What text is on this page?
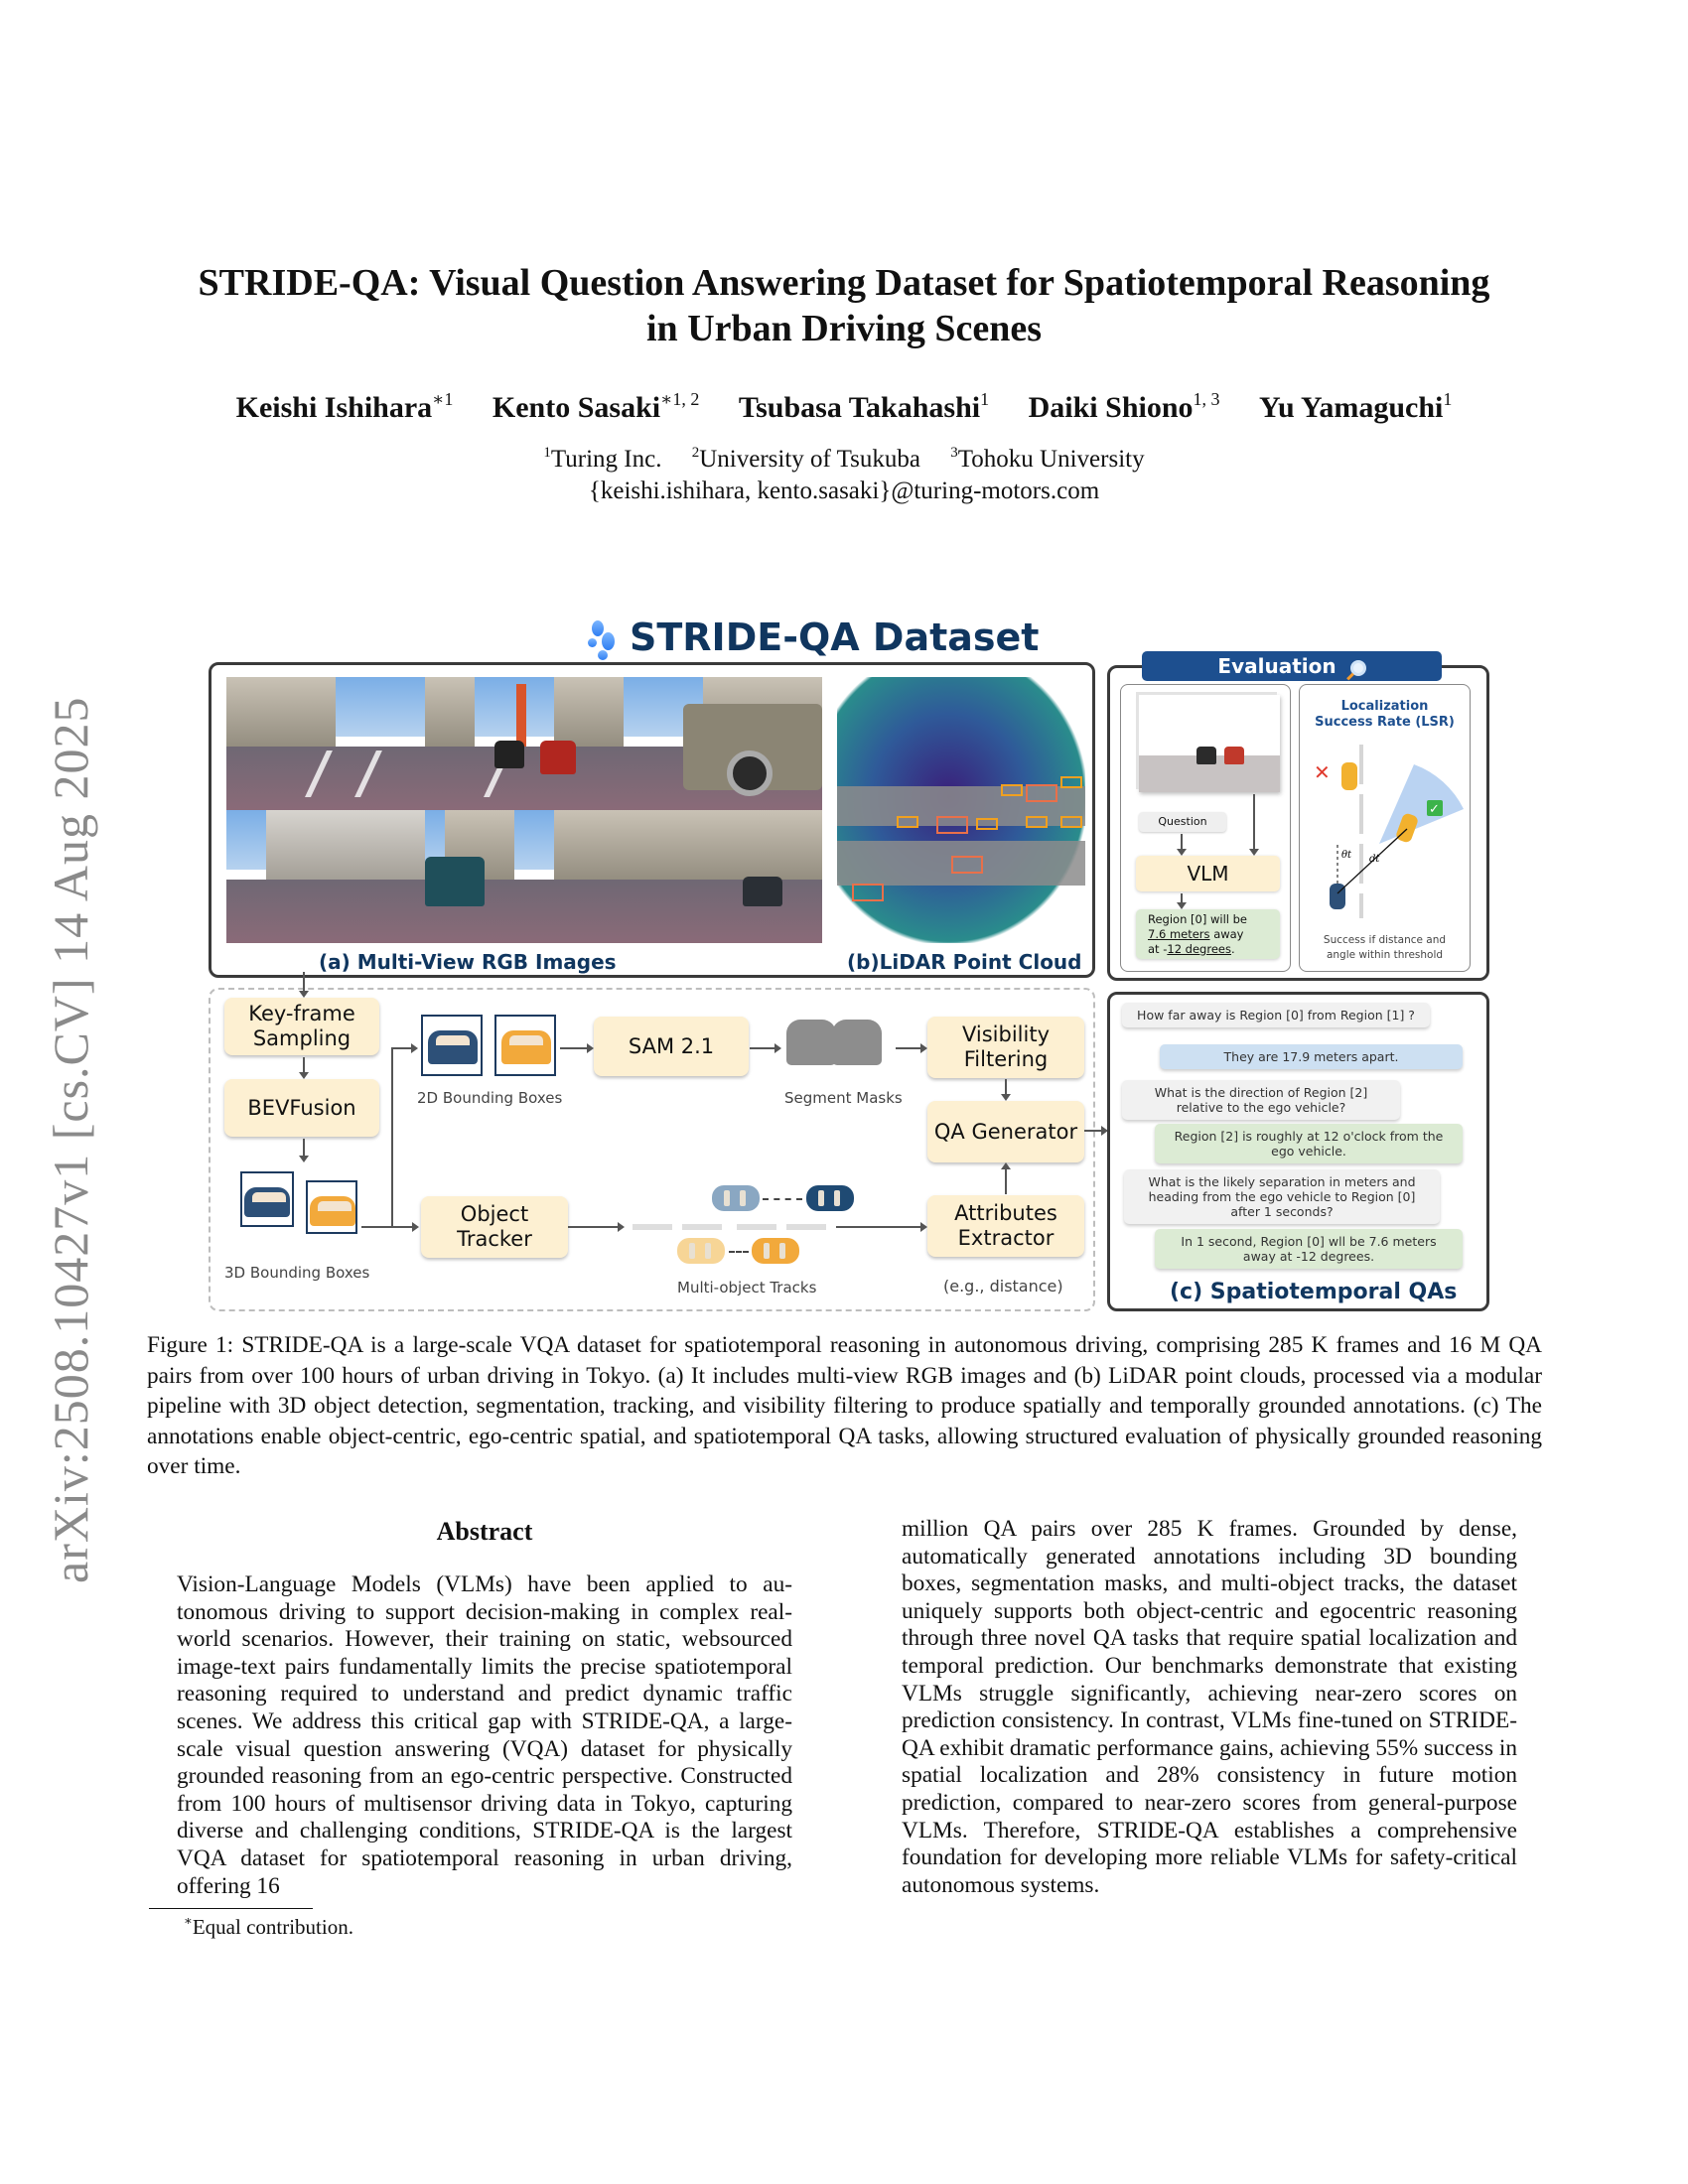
arXiv:2508.10427v1 [cs.CV] 14 Aug 2025
STRIDE-QA: Visual Question Answering Dataset for Spatiotemporal Reasoning
in Urban Driving Scenes
Keishi Ishihara$^{∗1}$ Kento Sasaki$^{∗1, 2}$ Tsubasa Takahashi$^1$ Daiki Shiono$^{1, 3}$ Yu Yamaguchi$^1$
$^1$Turing Inc. $^2$University of Tsukuba $^3$Tohoku University
{keishi.ishihara, kento.sasaki}@turing-motors.com
STRIDE-QA Dataset
(a) Multi-View RGB Images	(b)LiDAR Point Cloud
Question
VLM
Region [0] will be
7.6 meters away
at -12 degrees.
Localization
Success Rate (LSR)
✕
✓
θt dt
Success if distance and
angle within threshold
Evaluation
Key-frame Sampling
BEVFusion
3D Bounding Boxes
2D Bounding Boxes
SAM 2.1
Segment Masks
Visibility Filtering
QA Generator
Object Tracker
Multi-object Tracks
Attributes Extractor
(e.g., distance)
How far away is Region [0] from Region [1] ?
They are 17.9 meters apart.
What is the direction of Region [2] relative to the ego vehicle?
Region [2] is roughly at 12 o'clock from the ego vehicle.
What is the likely separation in meters and heading from the ego vehicle to Region [0] after 1 seconds?
In 1 second, Region [0] wll be 7.6 meters away at -12 degrees.
(c) Spatiotemporal QAs
Figure 1: STRIDE-QA is a large-scale VQA dataset for spatiotemporal reasoning in autonomous driving, comprising 285 K frames and 16 M QA pairs from over 100 hours of urban driving in Tokyo. (a) It includes multi-view RGB images and (b) LiDAR point clouds, processed via a modular pipeline with 3D object detection, segmentation, tracking, and visibility filtering to produce spatially and temporally grounded annotations. (c) The annotations enable object-centric, ego-centric spatial, and spatiotemporal QA tasks, allowing structured evaluation of physically grounded reasoning over time.
Abstract
Vision-Language Models (VLMs) have been applied to autonomous driving to support decision-making in complex real-world scenarios. However, their training on static, websourced image-text pairs fundamentally limits the precise spatiotemporal reasoning required to understand and predict dynamic traffic scenes. We address this critical gap with STRIDE-QA, a large-scale visual question answering (VQA) dataset for physically grounded reasoning from an ego-centric perspective. Constructed from 100 hours of multisensor driving data in Tokyo, capturing diverse and challenging conditions, STRIDE-QA is the largest VQA dataset for spatiotemporal reasoning in urban driving, offering 16
million QA pairs over 285 K frames. Grounded by dense, automatically generated annotations including 3D bounding boxes, segmentation masks, and multi-object tracks, the dataset uniquely supports both object-centric and egocentric reasoning through three novel QA tasks that require spatial localization and temporal prediction. Our benchmarks demonstrate that existing VLMs struggle significantly, achieving near-zero scores on prediction consistency. In contrast, VLMs fine-tuned on STRIDE-QA exhibit dramatic performance gains, achieving 55% success in spatial localization and 28% consistency in future motion prediction, compared to near-zero scores from general-purpose VLMs. Therefore, STRIDE-QA establishes a comprehensive foundation for developing more reliable VLMs for safety-critical autonomous systems.
∗Equal contribution.
